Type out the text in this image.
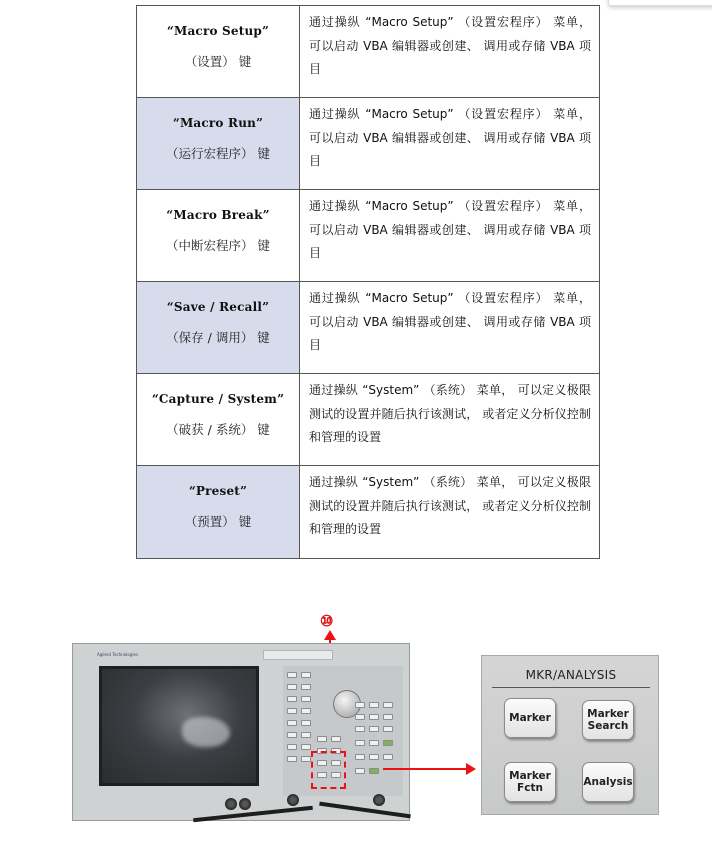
“Macro Setup”
（设置） 键	通过操纵 “Macro Setup” （设置宏程序） 菜单， 可以启动 VBA 编辑器或创建、 调用或存储 VBA 项目

“Macro Run”
（运行宏程序） 键	通过操纵 “Macro Setup” （设置宏程序） 菜单， 可以启动 VBA 编辑器或创建、 调用或存储 VBA 项目

“Macro Break”
（中断宏程序） 键	通过操纵 “Macro Setup” （设置宏程序） 菜单， 可以启动 VBA 编辑器或创建、 调用或存储 VBA 项目

“Save / Recall”
（保存 / 调用） 键	通过操纵 “Macro Setup” （设置宏程序） 菜单， 可以启动 VBA 编辑器或创建、 调用或存储 VBA 项目

“Capture / System”
（破获 / 系统） 键	通过操纵 “System” （系统） 菜单， 可以定义极限测试的设置并随后执行该测试， 或者定义分析仪控制和管理的设置

“Preset”
（预置） 键	通过操纵 “System” （系统） 菜单， 可以定义极限测试的设置并随后执行该测试， 或者定义分析仪控制和管理的设置
⑩
Agilent Technologies
MKR/ANALYSIS
Marker	Marker
Search
Marker
Fctn	Analysis
